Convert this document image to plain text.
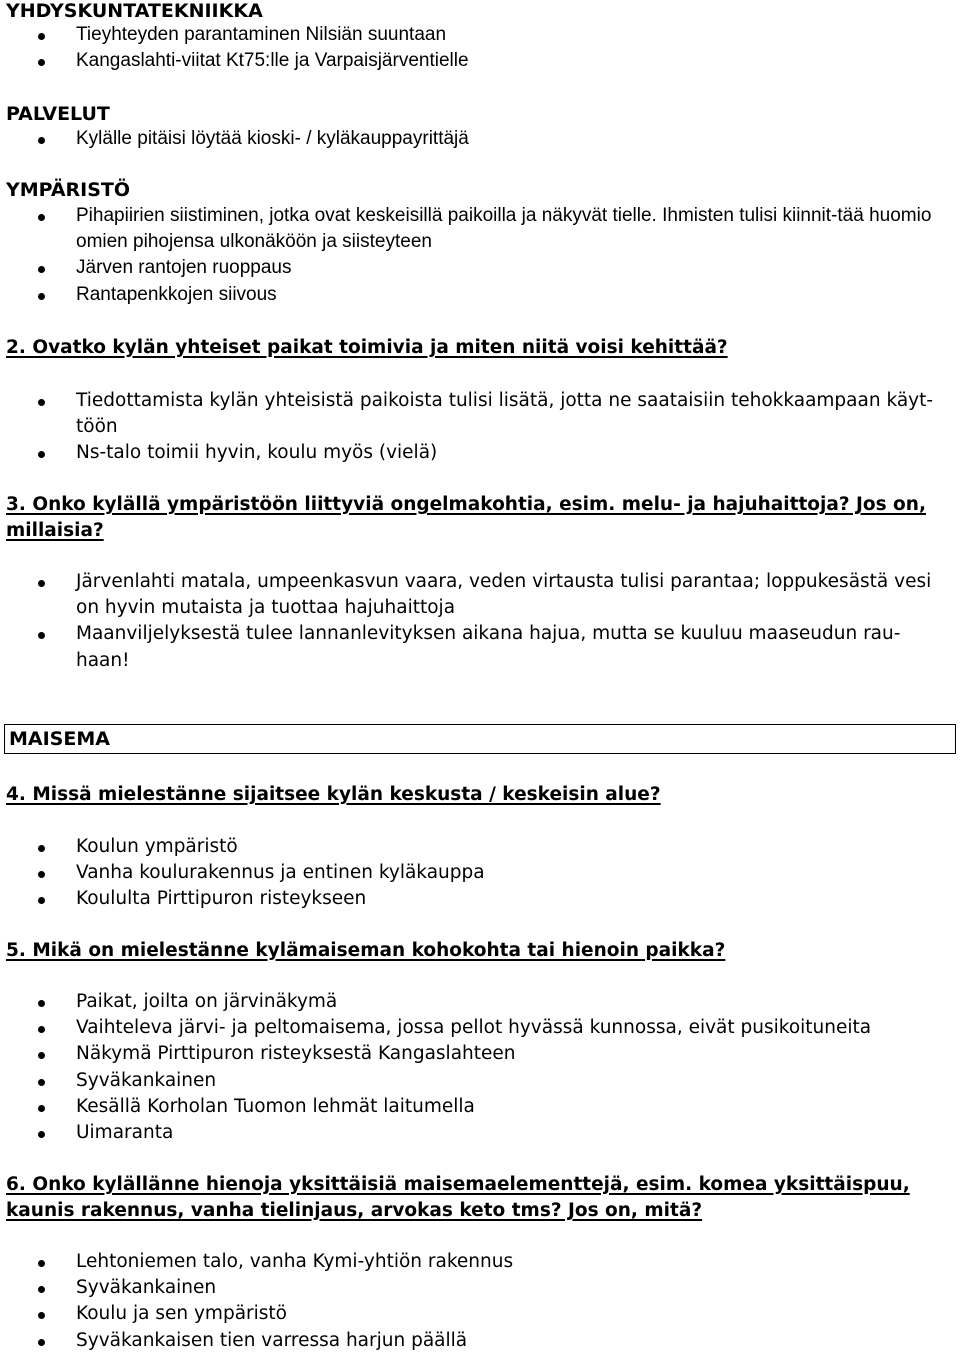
YHDYSKUNTATEKNIIKKA
Tieyhteyden parantaminen Nilsiän suuntaan
Kangaslahti-viitat Kt75:lle ja Varpaisjärventielle
PALVELUT
Kylälle pitäisi löytää kioski- / kyläkauppayrittäjä
YMPÄRISTÖ
Pihapiirien siistiminen, jotka ovat keskeisillä paikoilla ja näkyvät tielle. Ihmisten tulisi kiinnit-tää huomio omien pihojensa ulkonäköön ja siisteyteen
Järven rantojen ruoppaus
Rantapenkkojen siivous
2. Ovatko kylän yhteiset paikat toimivia ja miten niitä voisi kehittää?
Tiedottamista kylän yhteisistä paikoista tulisi lisätä, jotta ne saataisiin tehokkaampaan käyt-töön
Ns-talo toimii hyvin, koulu myös (vielä)
3. Onko kylällä ympäristöön liittyviä ongelmakohtia, esim. melu- ja hajuhaittoja? Jos on, millaisia?
Järvenlahti matala, umpeenkasvun vaara, veden virtausta tulisi parantaa; loppukesästä vesi on hyvin mutaista ja tuottaa hajuhaittoja
Maanviljelyksestä tulee lannanlevityksen aikana hajua, mutta se kuuluu maaseudun rau-haan!
MAISEMA
4. Missä mielestänne sijaitsee kylän keskusta / keskeisin alue?
Koulun ympäristö
Vanha koulurakennus ja entinen kyläkauppa
Koululta Pirttipuron risteykseen
5. Mikä on mielestänne kylämaiseman kohokohta tai hienoin paikka?
Paikat, joilta on järvinäkymä
Vaihteleva järvi- ja peltomaisema, jossa pellot hyvässä kunnossa, eivät pusikoituneita
Näkymä Pirttipuron risteyksestä Kangaslahteen
Syväkankainen
Kesällä Korholan Tuomon lehmät laitumella
Uimaranta
6. Onko kylällänne hienoja yksittäisiä maisemaelementtejä, esim. komea yksittäispuu, kaunis rakennus, vanha tielinjaus, arvokas keto tms? Jos on, mitä?
Lehtoniemen talo, vanha Kymi-yhtiön rakennus
Syväkankainen
Koulu ja sen ympäristö
Syväkankaisen tien varressa harjun päällä
